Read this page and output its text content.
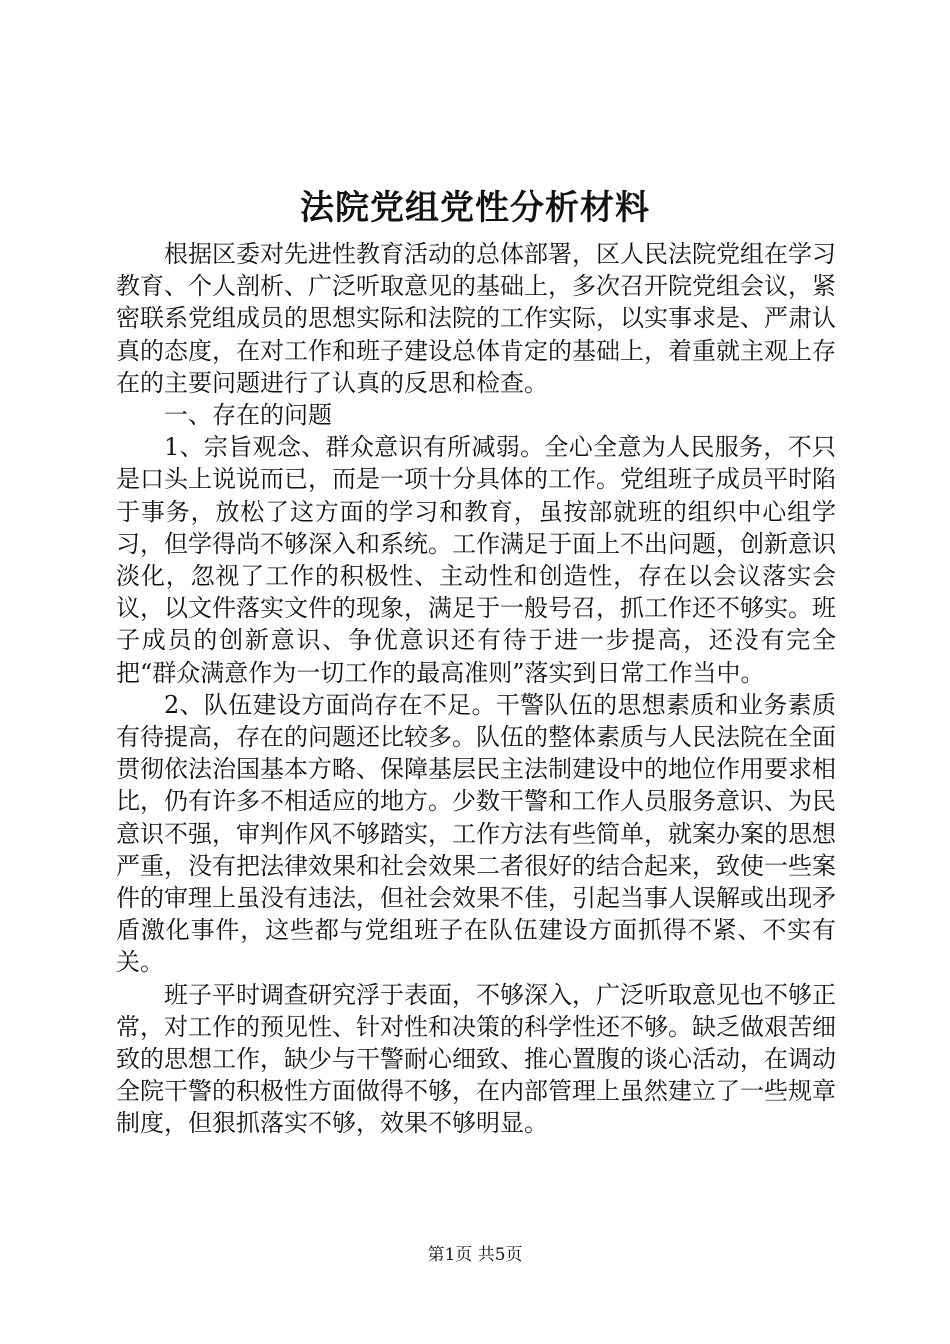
法院党组党性分析材料

根据区委对先进性教育活动的总体部署，区人民法院党组在学习教育、个人剖析、广泛听取意见的基础上，多次召开院党组会议，紧密联系党组成员的思想实际和法院的工作实际，以实事求是、严肃认真的态度，在对工作和班子建设总体肯定的基础上，着重就主观上存在的主要问题进行了认真的反思和检查。

一、存在的问题

1、宗旨观念、群众意识有所减弱。全心全意为人民服务，不只是口头上说说而已，而是一项十分具体的工作。党组班子成员平时陷于事务，放松了这方面的学习和教育，虽按部就班的组织中心组学习，但学得尚不够深入和系统。工作满足于面上不出问题，创新意识淡化，忽视了工作的积极性、主动性和创造性，存在以会议落实会议，以文件落实文件的现象，满足于一般号召，抓工作还不够实。班子成员的创新意识、争优意识还有待于进一步提高，还没有完全把“群众满意作为一切工作的最高准则”落实到日常工作当中。

2、队伍建设方面尚存在不足。干警队伍的思想素质和业务素质有待提高，存在的问题还比较多。队伍的整体素质与人民法院在全面贯彻依法治国基本方略、保障基层民主法制建设中的地位作用要求相比，仍有许多不相适应的地方。少数干警和工作人员服务意识、为民意识不强，审判作风不够踏实，工作方法有些简单，就案办案的思想严重，没有把法律效果和社会效果二者很好的结合起来，致使一些案件的审理上虽没有违法，但社会效果不佳，引起当事人误解或出现矛盾激化事件，这些都与党组班子在队伍建设方面抓得不紧、不实有关。

班子平时调查研究浮于表面，不够深入，广泛听取意见也不够正常，对工作的预见性、针对性和决策的科学性还不够。缺乏做艰苦细致的思想工作，缺少与干警耐心细致、推心置腹的谈心活动，在调动全院干警的积极性方面做得不够，在内部管理上虽然建立了一些规章制度，但狠抓落实不够，效果不够明显。

第1页 共5页
